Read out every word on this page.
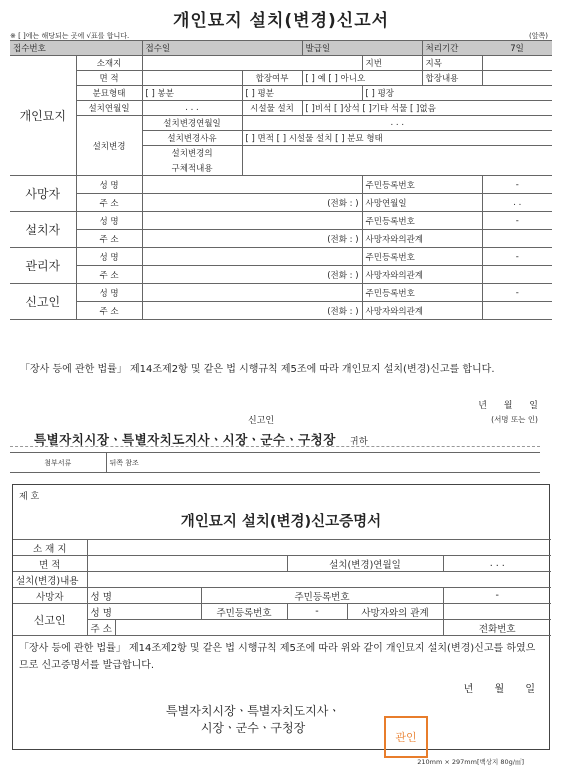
개인묘지 설치(변경)신고서
※ [ ]에는 해당되는 곳에 √표를 합니다.	(앞쪽)
접수번호		접수일		발급일		처리기간	7일
개인묘지	소재지				지번	지목	
	면 적		합장여부	[ ] 예 [ ] 아니오		합장내용	
	분묘형태	[ ] 봉분	[ ] 평분		[ ] 평장		
	설치연월일	. . .	시설물 설치	[ ]비석 [ ]상석 [ ]기타 석물 [ ]없음			
	설치변경	설치변경연월일	. . .				
		설치변경사유	[ ] 면적 [ ] 시설물 설치 [ ] 분묘 형태				
		설치변경의					
		구체적내용					
사망자	성 명				주민등록번호		-
	주 소	(전화 : )			사망연월일		. .
설치자	성 명				주민등록번호		-
	주 소	(전화 : )			사망자와의관계		
관리자	성 명				주민등록번호		-
	주 소	(전화 : )			사망자와의관계		
신고인	성 명				주민등록번호		-
	주 소	(전화 : )			사망자와의관계		
「장사 등에 관한 법률」 제14조제2항 및 같은 법 시행규칙 제5조에 따라 개인묘지 설치(변경)신고를 합니다.
년 월 일
신고인	(서명 또는 인)
특별자치시장ㆍ특별자치도지사ㆍ시장ㆍ군수ㆍ구청장 귀하
첨부서류	뒤쪽 참조
제 호
개인묘지 설치(변경)신고증명서
소 재 지						
면 적				설치(변경)연월일		. . .
설치(변경)내용						
사망자	성 명		주민등록번호			-
신고인	성 명		주민등록번호	-	사망자와의 관계	
	주 소					전화번호
「장사 등에 관한 법률」 제14조제2항 및 같은 법 시행규칙 제5조에 따라 위와 같이 개인묘지 설치(변경)신고를 하였으므로 신고증명서를 발급합니다.
년 월 일
특별자치시장ㆍ특별자치도지사ㆍ
시장ㆍ군수ㆍ구청장
관인
210mm × 297mm[백상지 80g/㎡]
